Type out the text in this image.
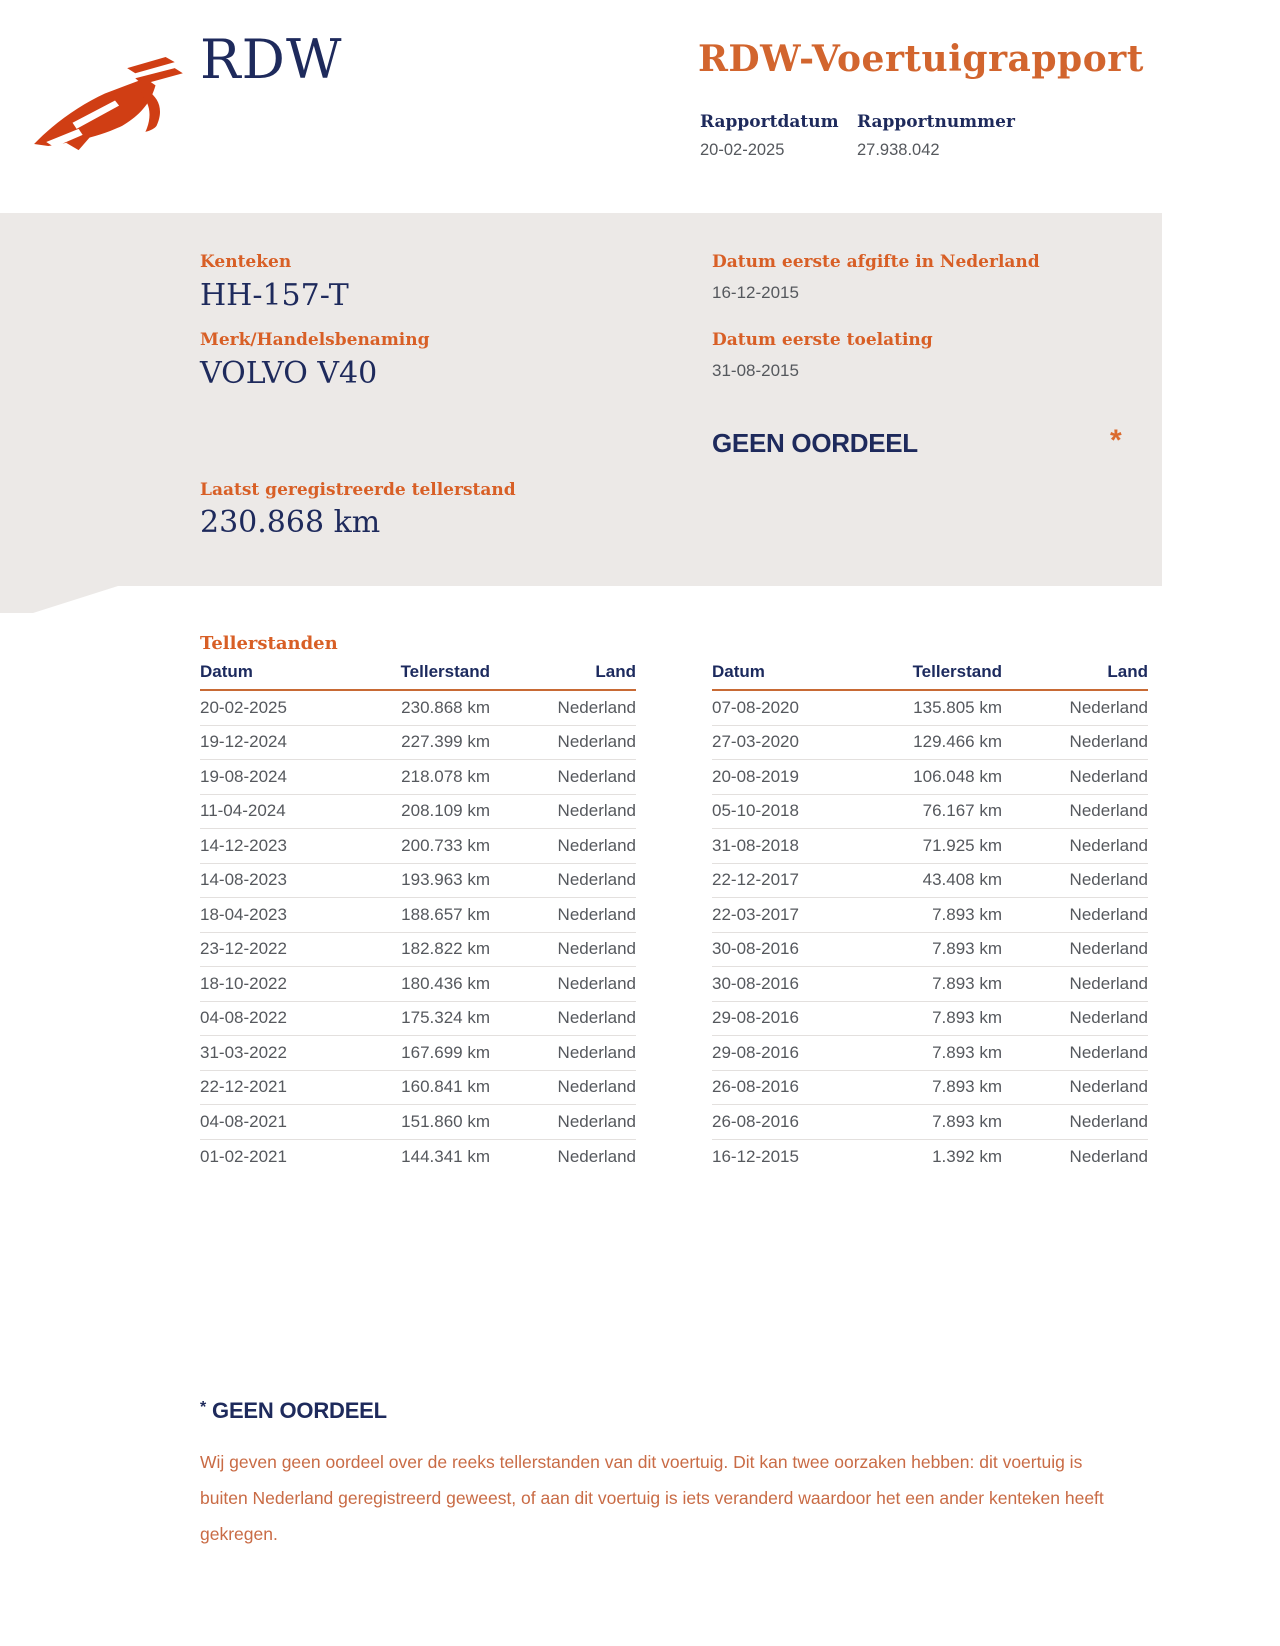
RDW	RDW-Voertuigrapport
Rapportdatum
20-02-2025
Rapportnummer
27.938.042
Kenteken
HH-157-T
Merk/Handelsbenaming
VOLVO V40
Laatst geregistreerde tellerstand
230.868 km
Datum eerste afgifte in Nederland
16-12-2015
Datum eerste toelating
31-08-2015
GEEN OORDEEL	*
Tellerstanden
Datum	Tellerstand	Land
20-02-2025	230.868 km	Nederland
19-12-2024	227.399 km	Nederland
19-08-2024	218.078 km	Nederland
11-04-2024	208.109 km	Nederland
14-12-2023	200.733 km	Nederland
14-08-2023	193.963 km	Nederland
18-04-2023	188.657 km	Nederland
23-12-2022	182.822 km	Nederland
18-10-2022	180.436 km	Nederland
04-08-2022	175.324 km	Nederland
31-03-2022	167.699 km	Nederland
22-12-2021	160.841 km	Nederland
04-08-2021	151.860 km	Nederland
01-02-2021	144.341 km	Nederland
Datum	Tellerstand	Land
07-08-2020	135.805 km	Nederland
27-03-2020	129.466 km	Nederland
20-08-2019	106.048 km	Nederland
05-10-2018	76.167 km	Nederland
31-08-2018	71.925 km	Nederland
22-12-2017	43.408 km	Nederland
22-03-2017	7.893 km	Nederland
30-08-2016	7.893 km	Nederland
30-08-2016	7.893 km	Nederland
29-08-2016	7.893 km	Nederland
29-08-2016	7.893 km	Nederland
26-08-2016	7.893 km	Nederland
26-08-2016	7.893 km	Nederland
16-12-2015	1.392 km	Nederland
* GEEN OORDEEL
Wij geven geen oordeel over de reeks tellerstanden van dit voertuig. Dit kan twee oorzaken hebben: dit voertuig is buiten Nederland geregistreerd geweest, of aan dit voertuig is iets veranderd waardoor het een ander kenteken heeft gekregen.
